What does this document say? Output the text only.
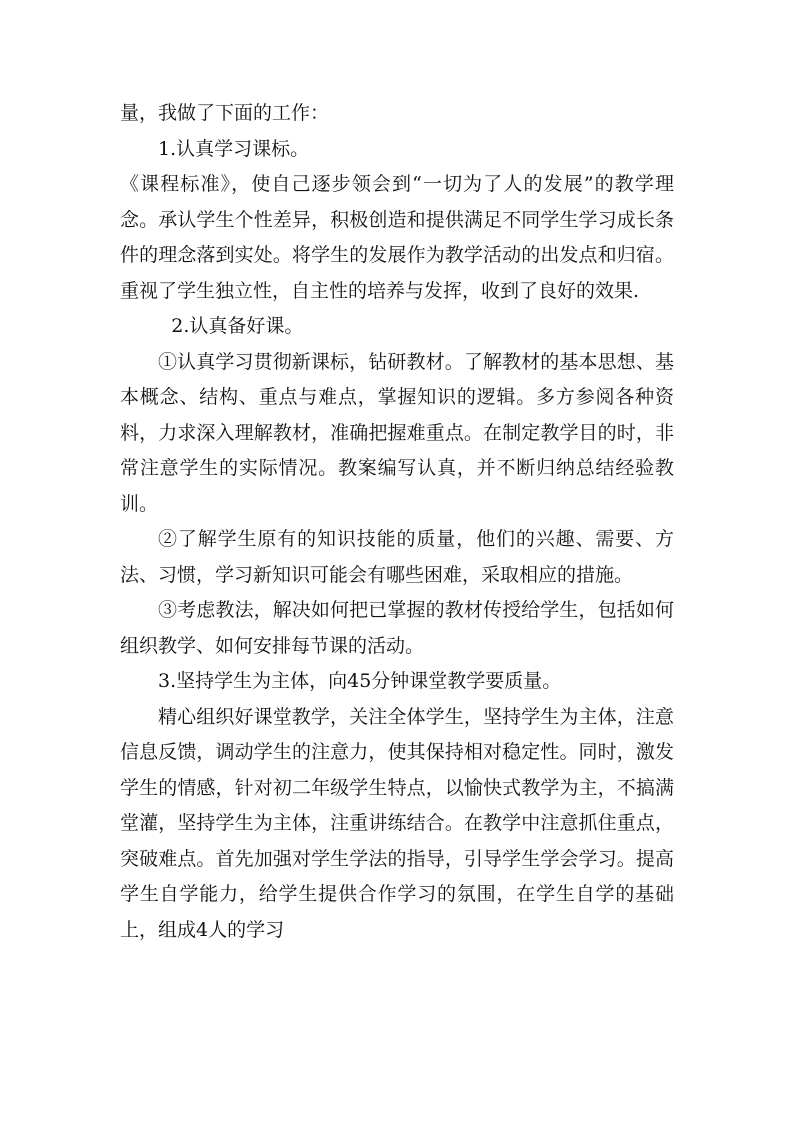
量，我做了下面的工作：

1.认真学习课标。

《课程标准》，使自己逐步领会到“一切为了人的发展”的教学理念。承认学生个性差异，积极创造和提供满足不同学生学习成长条件的理念落到实处。将学生的发展作为教学活动的出发点和归宿。重视了学生独立性，自主性的培养与发挥，收到了良好的效果.

2.认真备好课。

①认真学习贯彻新课标，钻研教材。了解教材的基本思想、基本概念、结构、重点与难点，掌握知识的逻辑。多方参阅各种资料，力求深入理解教材，准确把握难重点。在制定教学目的时，非常注意学生的实际情况。教案编写认真，并不断归纳总结经验教训。

②了解学生原有的知识技能的质量，他们的兴趣、需要、方法、习惯，学习新知识可能会有哪些困难，采取相应的措施。

③考虑教法，解决如何把已掌握的教材传授给学生，包括如何组织教学、如何安排每节课的活动。

3.坚持学生为主体，向45分钟课堂教学要质量。

精心组织好课堂教学，关注全体学生，坚持学生为主体，注意信息反馈，调动学生的注意力，使其保持相对稳定性。同时，激发学生的情感，针对初二年级学生特点，以愉快式教学为主，不搞满堂灌，坚持学生为主体，注重讲练结合。在教学中注意抓住重点，突破难点。首先加强对学生学法的指导，引导学生学会学习。提高学生自学能力，给学生提供合作学习的氛围，在学生自学的基础上，组成4人的学习
